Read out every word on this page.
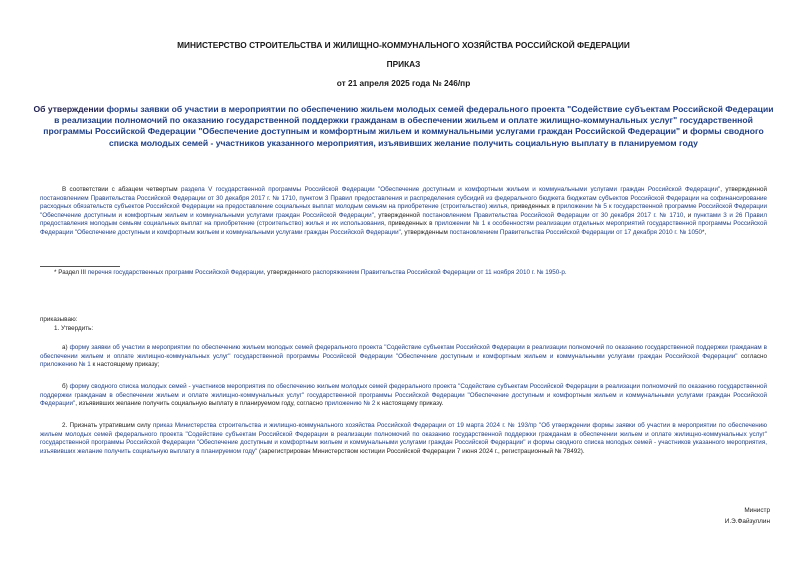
МИНИСТЕРСТВО СТРОИТЕЛЬСТВА И ЖИЛИЩНО-КОММУНАЛЬНОГО ХОЗЯЙСТВА РОССИЙСКОЙ ФЕДЕРАЦИИ
ПРИКАЗ
от 21 апреля 2025 года № 246/пр
Об утверждении формы заявки об участии в мероприятии по обеспечению жильем молодых семей федерального проекта "Содействие субъектам Российской Федерации в реализации полномочий по оказанию государственной поддержки гражданам в обеспечении жильем и оплате жилищно-коммунальных услуг" государственной программы Российской Федерации "Обеспечение доступным и комфортным жильем и коммунальными услугами граждан Российской Федерации" и формы сводного списка молодых семей - участников указанного мероприятия, изъявивших желание получить социальную выплату в планируемом году
В соответствии с абзацем четвертым раздела V государственной программы Российской Федерации "Обеспечение доступным и комфортным жильем и коммунальными услугами граждан Российской Федерации", утвержденной постановлением Правительства Российской Федерации от 30 декабря 2017 г. № 1710, пунктом 3 Правил предоставления и распределения субсидий из федерального бюджета бюджетам субъектов Российской Федерации на софинансирование расходных обязательств субъектов Российской Федерации на предоставление социальных выплат молодым семьям на приобретение (строительство) жилья, приведенных в приложении № 5 к государственной программе Российской Федерации "Обеспечение доступным и комфортным жильем и коммунальными услугами граждан Российской Федерации", утвержденной постановлением Правительства Российской Федерации от 30 декабря 2017 г. № 1710, и пунктами 3 и 26 Правил предоставления молодым семьям социальных выплат на приобретение (строительство) жилья и их использования, приведенных в приложении № 1 к особенностям реализации отдельных мероприятий государственной программы Российской Федерации "Обеспечение доступным и комфортным жильем и коммунальными услугами граждан Российской Федерации", утвержденным постановлением Правительства Российской Федерации от 17 декабря 2010 г. № 1050*,
* Раздел III перечня государственных программ Российской Федерации, утвержденного распоряжением Правительства Российской Федерации от 11 ноября 2010 г. № 1950-р.
приказываю:
1. Утвердить:
а) форму заявки об участии в мероприятии по обеспечению жильем молодых семей федерального проекта "Содействие субъектам Российской Федерации в реализации полномочий по оказанию государственной поддержки гражданам в обеспечении жильем и оплате жилищно-коммунальных услуг" государственной программы Российской Федерации "Обеспечение доступным и комфортным жильем и коммунальными услугами граждан Российской Федерации" согласно приложению № 1 к настоящему приказу;
б) форму сводного списка молодых семей - участников мероприятия по обеспечению жильем молодых семей федерального проекта "Содействие субъектам Российской Федерации в реализации полномочий по оказанию государственной поддержки гражданам в обеспечении жильем и оплате жилищно-коммунальных услуг" государственной программы Российской Федерации "Обеспечение доступным и комфортным жильем и коммунальными услугами граждан Российской Федерации", изъявивших желание получить социальную выплату в планируемом году, согласно приложению № 2 к настоящему приказу.
2. Признать утратившим силу приказ Министерства строительства и жилищно-коммунального хозяйства Российской Федерации от 19 марта 2024 г. № 193/пр "Об утверждении формы заявки об участии в мероприятии по обеспечению жильем молодых семей федерального проекта "Содействие субъектам Российской Федерации в реализации полномочий по оказанию государственной поддержки гражданам в обеспечении жильем и оплате жилищно-коммунальных услуг" государственной программы Российской Федерации "Обеспечение доступным и комфортным жильем и коммунальными услугами граждан Российской Федерации" и формы сводного списка молодых семей - участников указанного мероприятия, изъявивших желание получить социальную выплату в планируемом году" (зарегистрирован Министерством юстиции Российской Федерации 7 июня 2024 г., регистрационный № 78492).
Министр
И.Э.Файзуллин
